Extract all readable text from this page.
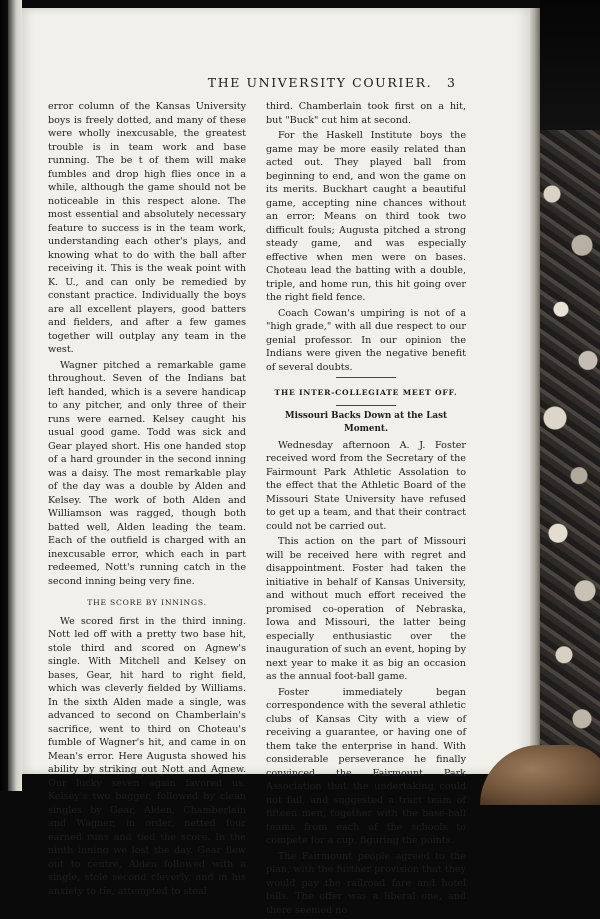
THE UNIVERSITY COURIER.	3

error column of the Kansas University boys is freely dotted, and many of these were wholly inexcusable, the greatest trouble is in team work and base running. The be t of them will make fumbles and drop high flies once in a while, although the game should not be noticeable in this respect alone. The most essential and absolutely necessary feature to success is in the team work, understanding each other's plays, and knowing what to do with the ball after receiving it. This is the weak point with K. U., and can only be remedied by constant practice. Individually the boys are all excellent players, good batters and fielders, and after a few games together will outplay any team in the west.

Wagner pitched a remarkable game throughout. Seven of the Indians bat left handed, which is a severe handicap to any pitcher, and only three of their runs were earned. Kelsey caught his usual good game. Todd was sick and Gear played short. His one handed stop of a hard grounder in the second inning was a daisy. The most remarkable play of the day was a double by Alden and Kelsey. The work of both Alden and Williamson was ragged, though both batted well, Alden leading the team. Each of the outfield is charged with an inexcusable error, which each in part redeemed, Nott's running catch in the second inning being very fine.

THE SCORE BY INNINGS.

We scored first in the third inning. Nott led off with a pretty two base hit, stole third and scored on Agnew's single. With Mitchell and Kelsey on bases, Gear, hit hard to right field, which was cleverly fielded by Williams. In the sixth Alden made a single, was advanced to second on Chamberlain's sacrifice, went to third on Choteau's fumble of Wagner's hit, and came in on Mean's error. Here Augusta showed his ability by striking out Nott and Agnew. Our lucky seven again favored us. Kelsey's two bagger, followed by clean singles by Gear, Alden, Chamberlain and Wagner, in order, netted four earned runs and tied the score. In the ninth inning we lost the day. Gear flew out to centre, Alden followed with a single, stole second cleverly, and in his anxiety to tie, attempted to steal

third. Chamberlain took first on a hit, but "Buck" cut him at second.

For the Haskell Institute boys the game may be more easily related than acted out. They played ball from beginning to end, and won the game on its merits. Buckhart caught a beautiful game, accepting nine chances without an error; Means on third took two difficult fouls; Augusta pitched a strong steady game, and was especially effective when men were on bases. Choteau lead the batting with a double, triple, and home run, this hit going over the right field fence.

Coach Cowan's umpiring is not of a "high grade," with all due respect to our genial professor. In our opinion the Indians were given the negative benefit of several doubts.

THE INTER-COLLEGIATE MEET OFF.
Missouri Backs Down at the Last Moment.

Wednesday afternoon A. J. Foster received word from the Secretary of the Fairmount Park Athletic Assolation to the effect that the Athletic Board of the Missouri State University have refused to get up a team, and that their contract could not be carried out.

This action on the part of Missouri will be received here with regret and disappointment. Foster had taken the initiative in behalf of Kansas University, and without much effort received the promised co-operation of Nebraska, Iowa and Missouri, the latter being especially enthusiastic over the inauguration of such an event, hoping by next year to make it as big an occasion as the annual foot-ball game.

Foster immediately began correspondence with the several athletic clubs of Kansas City with a view of receiving a guarantee, or having one of them take the enterprise in hand. With considerable perseverance he finally convinced the Fairmount Park Association that the undertaking could not fail, and suggested a tract team of fifteen men, together with the base-ball teams from each of the schools to compete for a cup, figuring the points.

The Fairmount people agreed to the plan, with the further provision that they would pay the railroad fare and hotel bills. The offer was a liberal one, and there seemed no
